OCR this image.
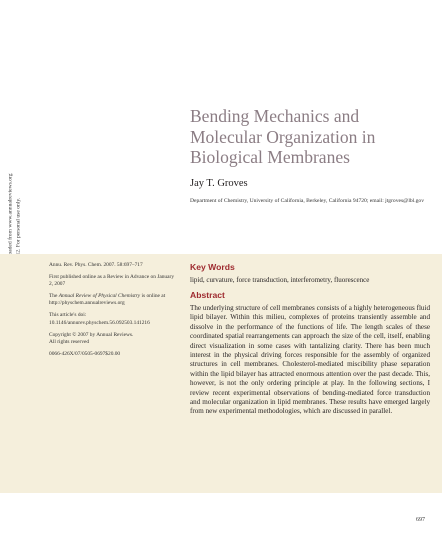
Bending Mechanics and Molecular Organization in Biological Membranes
Jay T. Groves
Department of Chemistry, University of California, Berkeley, California 94720; email: jtgroves@lbl.gov

Annu. Rev. Phys. Chem. 2007. 58:697–717

First published online as a Review in Advance on January 2, 2007

The Annual Review of Physical Chemistry is online at http://physchem.annualreviews.org

This article's doi:
10.1146/annurev.physchem.56.092503.141216

Copyright © 2007 by Annual Reviews.
All rights reserved

0066-426X/07/0505-0697$20.00

Key Words
lipid, curvature, force transduction, interferometry, fluorescence
Abstract
The underlying structure of cell membranes consists of a highly heterogeneous fluid lipid bilayer. Within this milieu, complexes of proteins transiently assemble and dissolve in the performance of the functions of life. The length scales of these coordinated spatial rearrangements can approach the size of the cell, itself, enabling direct visualization in some cases with tantalizing clarity. There has been much interest in the physical driving forces responsible for the assembly of organized structures in cell membranes. Cholesterol-mediated miscibility phase separation within the lipid bilayer has attracted enormous attention over the past decade. This, however, is not the only ordering principle at play. In the following sections, I review recent experimental observations of bending-mediated force transduction and molecular organization in lipid membranes. These results have emerged largely from new experimental methodologies, which are discussed in parallel.
697
